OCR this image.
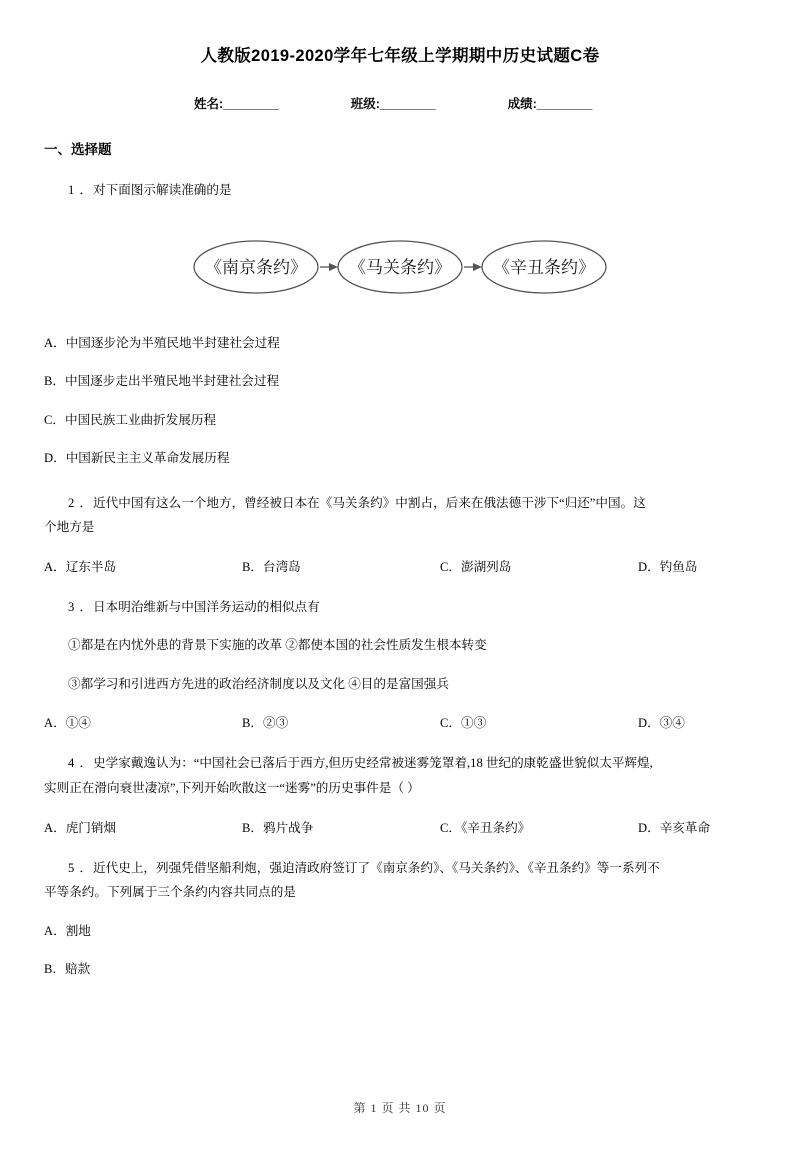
人教版2019-2020学年七年级上学期期中历史试题C卷
姓名:________	班级:________	成绩:________
一、选择题
1 ．对下面图示解读准确的是
《南京条约》 《马关条约》 《辛丑条约》
A．中国逐步沦为半殖民地半封建社会过程
B．中国逐步走出半殖民地半封建社会过程
C．中国民族工业曲折发展历程
D．中国新民主主义革命发展历程
2 ．近代中国有这么一个地方，曾经被日本在《马关条约》中割占，后来在俄法德干涉下“归还”中国。这
个地方是
A．辽东半岛	B．台湾岛	C．澎湖列岛	D．钓鱼岛
3 ．日本明治维新与中国洋务运动的相似点有
①都是在内忧外患的背景下实施的改革 ②都使本国的社会性质发生根本转变
③都学习和引进西方先进的政治经济制度以及文化 ④目的是富国强兵
A．①④	B．②③	C．①③	D．③④
4 ．史学家戴逸认为：“中国社会已落后于西方,但历史经常被迷雾笼罩着,18 世纪的康乾盛世貌似太平辉煌,
实则正在滑向衰世凄凉”,下列开始吹散这一“迷雾”的历史事件是（ ）
A．虎门销烟	B．鸦片战争	C．《辛丑条约》	D．辛亥革命
5 ．近代史上，列强凭借坚船利炮，强迫清政府签订了《南京条约》、《马关条约》、《辛丑条约》等一系列不
平等条约。下列属于三个条约内容共同点的是
A．割地
B．赔款
第 1 页 共 10 页
